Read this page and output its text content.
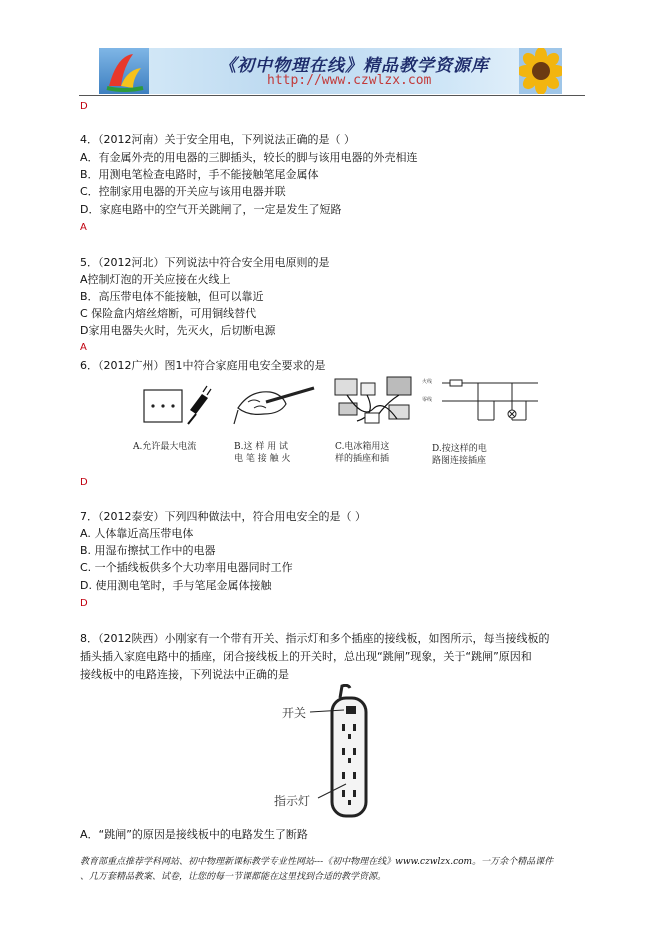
《初中物理在线》精品教学资源库
http://www.czwlzx.com
D
4．（2012河南）关于安全用电，下列说法正确的是（ ）
A．有金属外壳的用电器的三脚插头，较长的脚与该用电器的外壳相连
B．用测电笔检查电路时，手不能接触笔尾金属体
C．控制家用电器的开关应与该用电器并联
D．家庭电路中的空气开关跳闸了，一定是发生了短路
A
5．（2012河北）下列说法中符合安全用电原则的是
A控制灯泡的开关应接在火线上
B．高压带电体不能接触，但可以靠近
C 保险盒内熔丝熔断，可用铜线替代
D家用电器失火时，先灭火，后切断电源
A
6．（2012广州）图1中符合家庭用电安全要求的是
火线
零线
A.允许最大电流	B.这 样 用 试
电 笔 接 触 火
C.电冰箱用这
样的插座和插
D.按这样的电
路图连接插座
D
7．（2012泰安）下列四种做法中，符合用电安全的是（ ）
A. 人体靠近高压带电体
B. 用湿布擦拭工作中的电器
C. 一个插线板供多个大功率用电器同时工作
D. 使用测电笔时，手与笔尾金属体接触
D
8．（2012陕西）小刚家有一个带有开关、指示灯和多个插座的接线板，如图所示，每当接线板的
插头插入家庭电路中的插座，闭合接线板上的开关时，总出现“跳闸”现象，关于“跳闸”原因和
接线板中的电路连接，下列说法中正确的是
开关
指示灯
A．“跳闸”的原因是接线板中的电路发生了断路
教育部重点推荐学科网站、初中物理新课标教学专业性网站---《初中物理在线》www.czwlzx.com。一万余个精品课件
、几万套精品教案、试卷，让您的每一节课都能在这里找到合适的教学资源。
